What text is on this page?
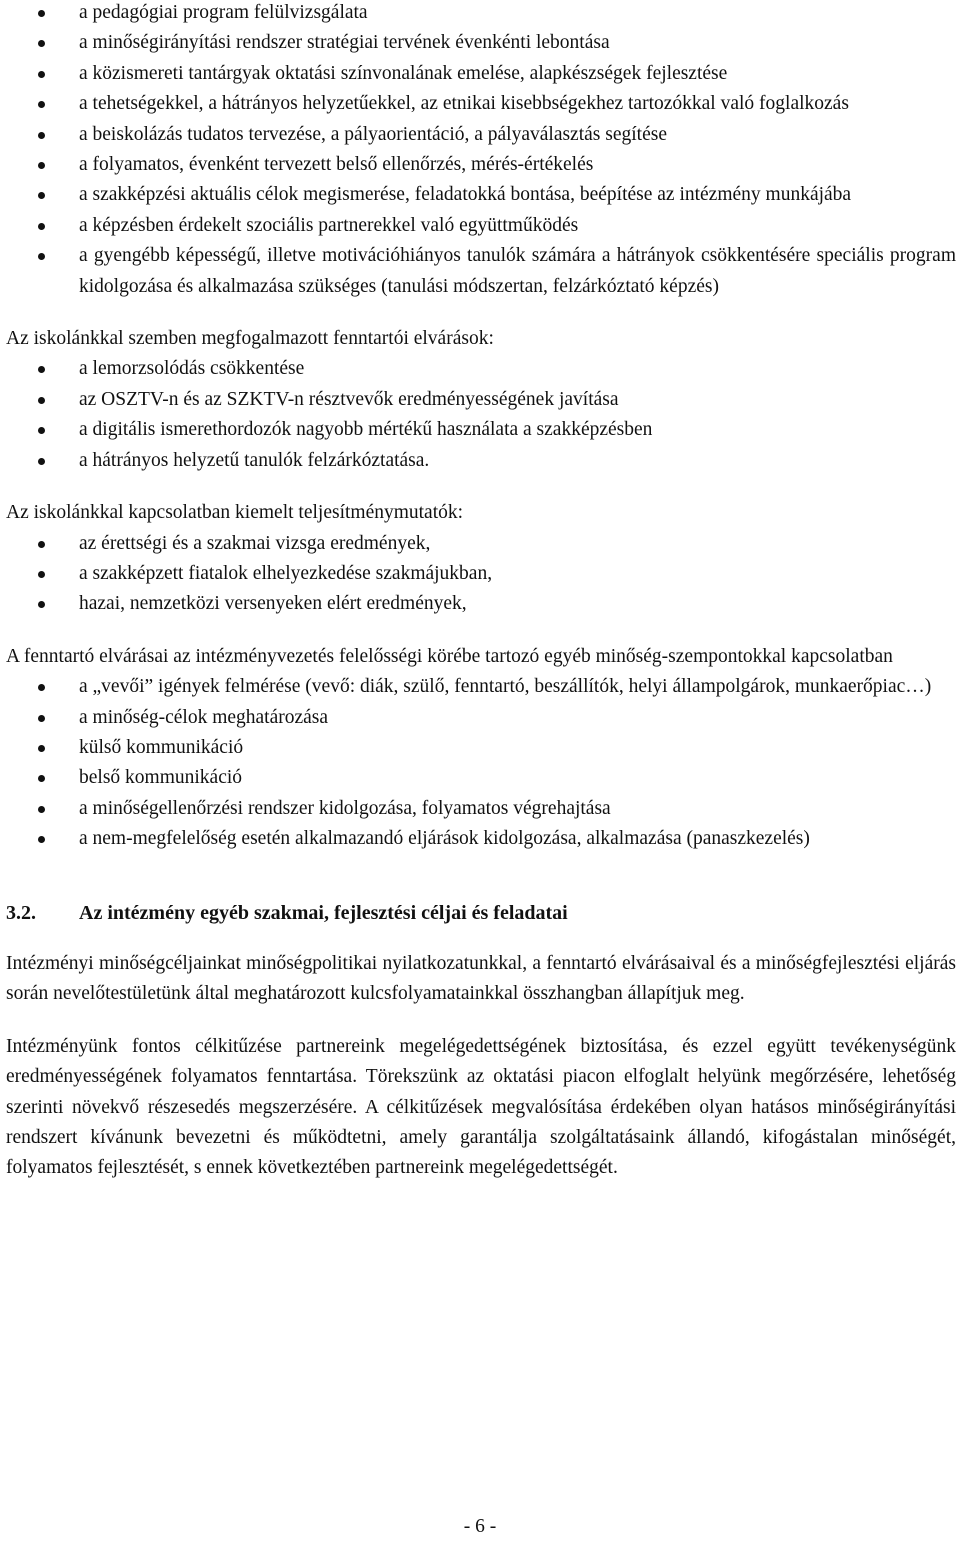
a pedagógiai program felülvizsgálata
a minőségirányítási rendszer stratégiai tervének évenkénti lebontása
a közismereti tantárgyak oktatási színvonalának emelése, alapkészségek fejlesztése
a tehetségekkel, a hátrányos helyzetűekkel, az etnikai kisebbségekhez tartozókkal való foglalkozás
a beiskolázás tudatos tervezése, a pályaorientáció, a pályaválasztás segítése
a folyamatos, évenként tervezett belső ellenőrzés, mérés-értékelés
a szakképzési aktuális célok megismerése, feladatokká bontása, beépítése az intézmény munkájába
a képzésben érdekelt szociális partnerekkel való együttműködés
a gyengébb képességű, illetve motivációhiányos tanulók számára a hátrányok csökkentésére speciális program kidolgozása és alkalmazása szükséges (tanulási módszertan, felzárkóztató képzés)

Az iskolánkkal szemben megfogalmazott fenntartói elvárások:

a lemorzsolódás csökkentése
az OSZTV-n és az SZKTV-n résztvevők eredményességének javítása
a digitális ismerethordozók nagyobb mértékű használata a szakképzésben
a hátrányos helyzetű tanulók felzárkóztatása.

Az iskolánkkal kapcsolatban kiemelt teljesítménymutatók:

az érettségi és a szakmai vizsga eredmények,
a szakképzett fiatalok elhelyezkedése szakmájukban,
hazai, nemzetközi versenyeken elért eredmények,

A fenntartó elvárásai az intézményvezetés felelősségi körébe tartozó egyéb minőség-szempontokkal kapcsolatban

a „vevői” igények felmérése (vevő: diák, szülő, fenntartó, beszállítók, helyi állampolgárok, munkaerőpiac…)
a minőség-célok meghatározása
külső kommunikáció
belső kommunikáció
a minőségellenőrzési rendszer kidolgozása, folyamatos végrehajtása
a nem-megfelelőség esetén alkalmazandó eljárások kidolgozása, alkalmazása (panaszkezelés)
3.2. Az intézmény egyéb szakmai, fejlesztési céljai és feladatai

Intézményi minőségcéljainkat minőségpolitikai nyilatkozatunkkal, a fenntartó elvárásaival és a minőségfejlesztési eljárás során nevelőtestületünk által meghatározott kulcsfolyamatainkkal összhangban állapítjuk meg.

Intézményünk fontos célkitűzése partnereink megelégedettségének biztosítása, és ezzel együtt tevékenységünk eredményességének folyamatos fenntartása. Törekszünk az oktatási piacon elfoglalt helyünk megőrzésére, lehetőség szerinti növekvő részesedés megszerzésére. A célkitűzések megvalósítása érdekében olyan hatásos minőségirányítási rendszert kívánunk bevezetni és működtetni, amely garantálja szolgáltatásaink állandó, kifogástalan minőségét, folyamatos fejlesztését, s ennek következtében partnereink megelégedettségét.

- 6 -
